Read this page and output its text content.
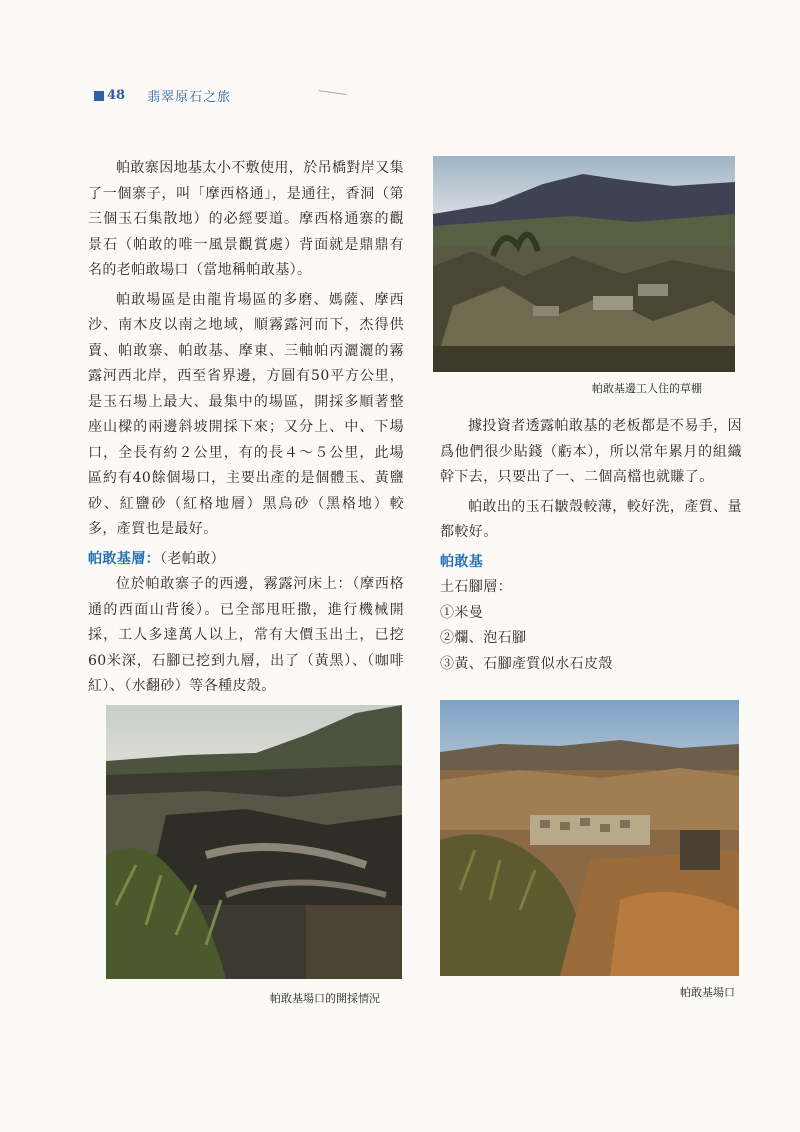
48 翡翠原石之旅

帕敢寨因地基太小不敷使用，於吊橋對岸又集了一個寨子，叫「摩西格通」，是通往，香洞（第三個玉石集散地）的必經要道。摩西格通寨的觀景石（帕敢的唯一風景觀賞處）背面就是鼎鼎有名的老帕敢場口（當地稱帕敢基）。

帕敢場區是由龍肯場區的多磨、媽薩、摩西沙、南木皮以南之地域，順霧露河而下，杰得供賣、帕敢寨、帕敢基、摩東、三軸帕丙灑灑的霧露河西北岸，西至省界邊，方圓有50平方公里，是玉石場上最大、最集中的場區，開採多順著整座山樑的兩邊斜坡開採下來；又分上、中、下場口，全長有約２公里，有的長４～５公里，此場區約有40餘個場口，主要出產的是個體玉、黃鹽砂、紅鹽砂（紅格地層）黑烏砂（黑格地）較多，產質也是最好。

帕敢基層：（老帕敢）

位於帕敢寨子的西邊，霧露河床上：（摩西格通的西面山背後）。已全部甩旺撒，進行機械開採，工人多達萬人以上，常有大價玉出土，已挖60米深，石腳已挖到九層，出了（黃黑）、（咖啡紅）、（水翻砂）等各種皮殼。

帕敢基邊工人住的草棚

據投資者透露帕敢基的老板都是不易手，因爲他們很少貼錢（虧本），所以常年累月的組織幹下去，只要出了一、二個高檔也就賺了。

帕敢出的玉石皺殼較薄，較好洗，產質、量都較好。

帕敢基

土石腳層：

①米曼

②爛、泡石腳

③黃、石腳產質似水石皮殼

帕敢基場口的開採情況	帕敢基場口
